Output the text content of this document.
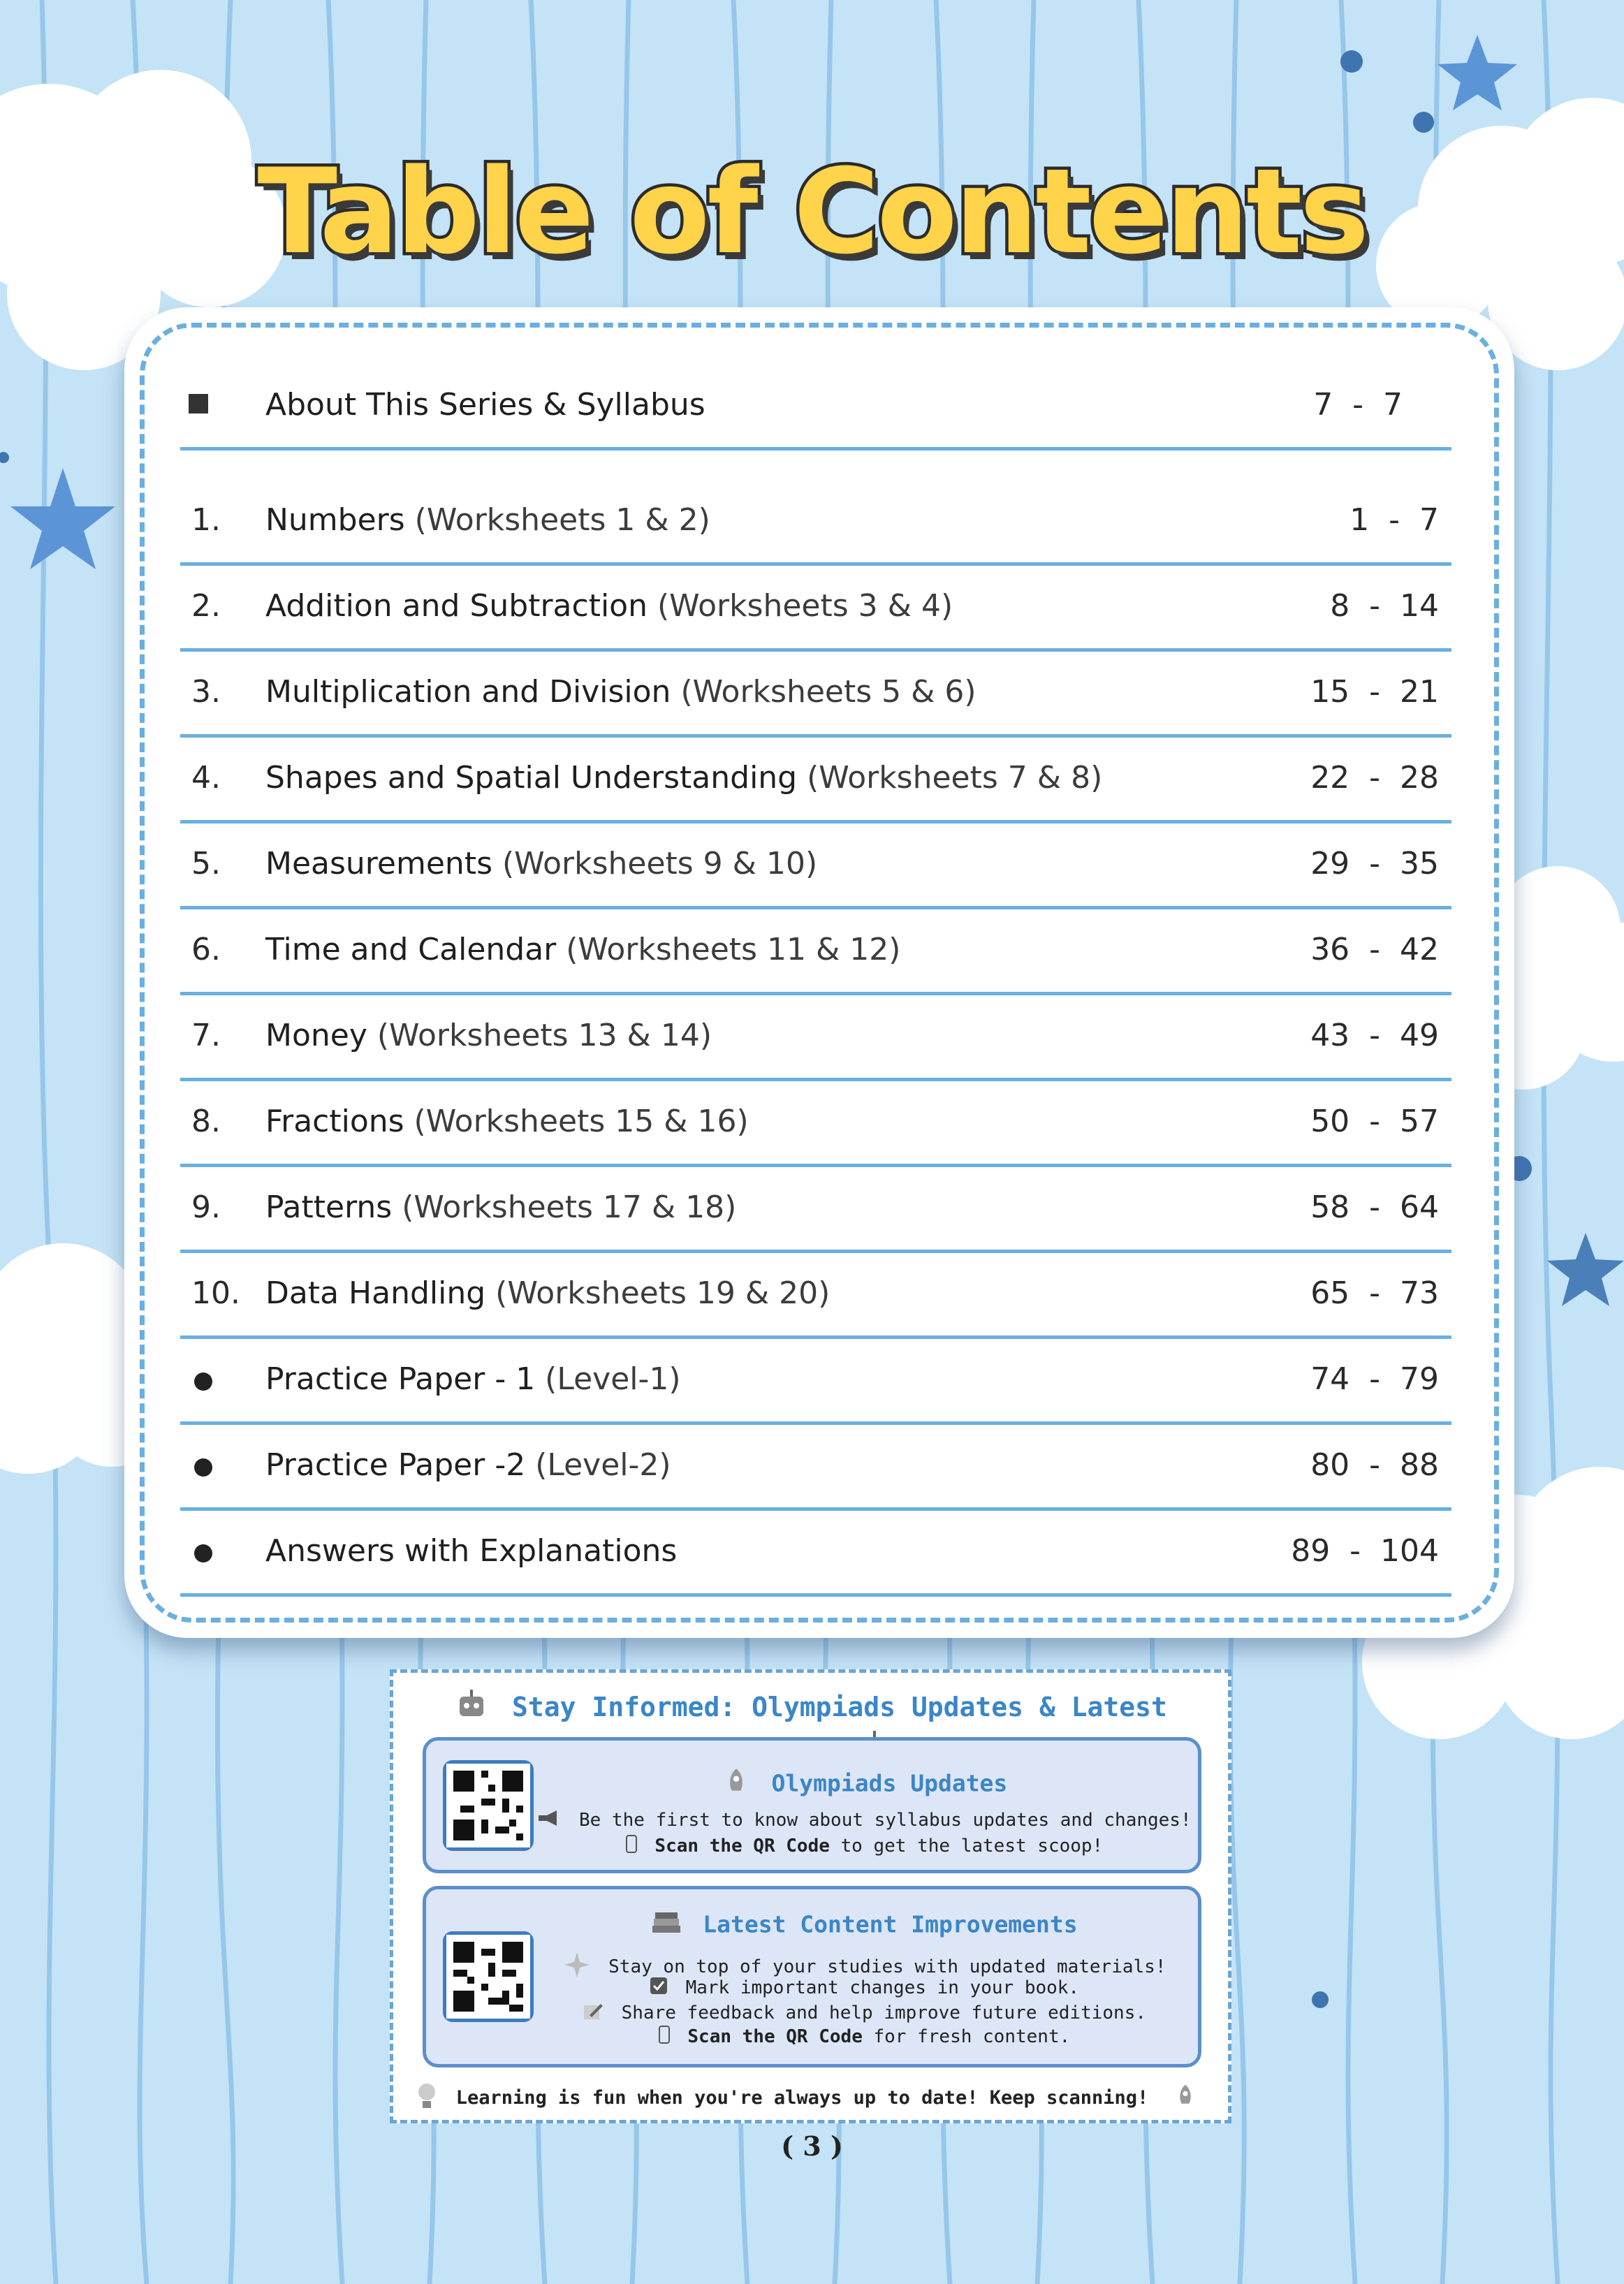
Table of Contents
About This Series & Syllabus	7  -  7
1. Numbers (Worksheets 1 & 2)	1  -  7
2. Addition and Subtraction (Worksheets 3 & 4)	8  -  14
3. Multiplication and Division (Worksheets 5 & 6)	15  -  21
4. Shapes and Spatial Understanding (Worksheets 7 & 8)	22  -  28
5. Measurements (Worksheets 9 & 10)	29  -  35
6. Time and Calendar (Worksheets 11 & 12)	36  -  42
7. Money (Worksheets 13 & 14)	43  -  49
8. Fractions (Worksheets 15 & 16)	50  -  57
9. Patterns (Worksheets 17 & 18)	58  -  64
10. Data Handling (Worksheets 19 & 20)	65  -  73
Practice Paper - 1 (Level-1)	74  -  79
Practice Paper -2 (Level-2)	80  -  88
Answers with Explanations	89  -  104
Stay Informed: Olympiads Updates & Latest
Olympiads Updates
Be the first to know about syllabus updates and changes!
Scan the QR Code to get the latest scoop!
Latest Content Improvements
Stay on top of your studies with updated materials!
Mark important changes in your book.
Share feedback and help improve future editions.
Scan the QR Code for fresh content.
Learning is fun when you're always up to date! Keep scanning!
( 3 )
